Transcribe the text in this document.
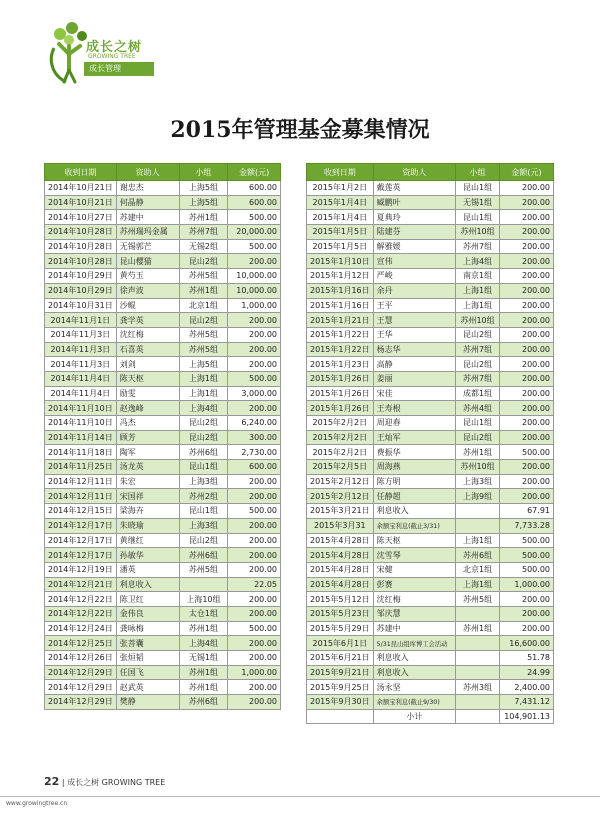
成长之树
GROWING TREE
成长管理
2015年管理基金募集情况
收到日期	资助人	小组	金额(元)
2014年10月21日	谢忠杰	上海5组	600.00
2014年10月21日	何晶静	上海5组	600.00
2014年10月27日	苏建中	苏州1组	500.00
2014年10月28日	苏州瑞玛金属	苏州7组	20,000.00
2014年10月28日	无锡郭芒	无锡2组	500.00
2014年10月28日	昆山樱猫	昆山2组	200.00
2014年10月29日	黄芍玉	苏州5组	10,000.00
2014年10月29日	徐声波	苏州1组	10,000.00
2014年10月31日	沙鲲	北京1组	1,000.00
2014年11月1日	龚学英	昆山2组	200.00
2014年11月3日	沈红梅	苏州5组	200.00
2014年11月3日	石喜英	苏州5组	200.00
2014年11月3日	刘剑	上海5组	200.00
2014年11月4日	陈天枢	上海1组	500.00
2014年11月4日	励雯	上海1组	3,000.00
2014年11月10日	赵逸峰	上海4组	200.00
2014年11月10日	冯杰	昆山2组	6,240.00
2014年11月14日	顾芳	昆山2组	300.00
2014年11月18日	陶军	苏州6组	2,730.00
2014年11月25日	汤龙英	昆山1组	600.00
2014年12月11日	朱宏	上海3组	200.00
2014年12月11日	宋国祥	苏州2组	200.00
2014年12月15日	梁海卉	昆山1组	500.00
2014年12月17日	朱晓瑜	上海3组	200.00
2014年12月17日	黄继红	昆山2组	200.00
2014年12月17日	孙敏华	苏州6组	200.00
2014年12月19日	潘英	苏州5组	200.00
2014年12月21日	利息收入		22.05
2014年12月22日	陈卫红	上海10组	200.00
2014年12月22日	金伟良	太仓1组	200.00
2014年12月24日	龚咏梅	苏州1组	500.00
2014年12月25日	张菩囊	上海4组	200.00
2014年12月26日	张烜韬	无锡1组	200.00
2014年12月29日	任国飞	苏州1组	1,000.00
2014年12月29日	赵武英	苏州1组	200.00
2014年12月29日	樊静	苏州6组	200.00
收到日期	资助人	小组	金额(元)
2015年1月2日	戴莲英	昆山1组	200.00
2015年1月4日	臧鹏叶	无锡1组	200.00
2015年1月4日	夏典玲	昆山1组	200.00
2015年1月5日	陆建芬	苏州10组	200.00
2015年1月5日	解雅媛	苏州7组	200.00
2015年1月10日	宣伟	上海4组	200.00
2015年1月12日	严峻	南京1组	200.00
2015年1月16日	余丹	上海1组	200.00
2015年1月16日	王平	上海1组	200.00
2015年1月21日	王慧	苏州10组	200.00
2015年1月22日	王华	昆山2组	200.00
2015年1月22日	杨志华	苏州7组	200.00
2015年1月23日	高静	昆山2组	200.00
2015年1月26日	姜丽	苏州7组	200.00
2015年1月26日	宋佳	成都1组	200.00
2015年1月26日	王寿根	苏州4组	200.00
2015年2月2日	周迎春	昆山1组	200.00
2015年2月2日	王灿军	昆山2组	200.00
2015年2月2日	费振华	苏州1组	500.00
2015年2月5日	周海燕	苏州10组	200.00
2015年2月12日	陈方明	上海3组	200.00
2015年2月12日	任静超	上海9组	200.00
2015年3月21日	利息收入		67.91
2015年3月31	余额宝利息(截止3/31)		7,733.28
2015年4月28日	陈天枢	上海1组	500.00
2015年4月28日	沈雪琴	苏州6组	500.00
2015年4月28日	宋健	北京1组	500.00
2015年4月28日	彭赛	上海1组	1,000.00
2015年5月12日	沈红梅	苏州5组	200.00
2015年5月23日	邹庆慧		200.00
2015年5月29日	苏建中	苏州1组	200.00
2015年6月1日	5/31昆山组库博工会活动		16,600.00
2015年6月21日	利息收入		51.78
2015年9月21日	利息收入		24.99
2015年9月25日	汤永坚	苏州3组	2,400.00
2015年9月30日	余额宝利息(截止9/30)		7,431.12
	小计		104,901.13
22 | 成长之树 GROWING TREE
www.growingtree.cn
